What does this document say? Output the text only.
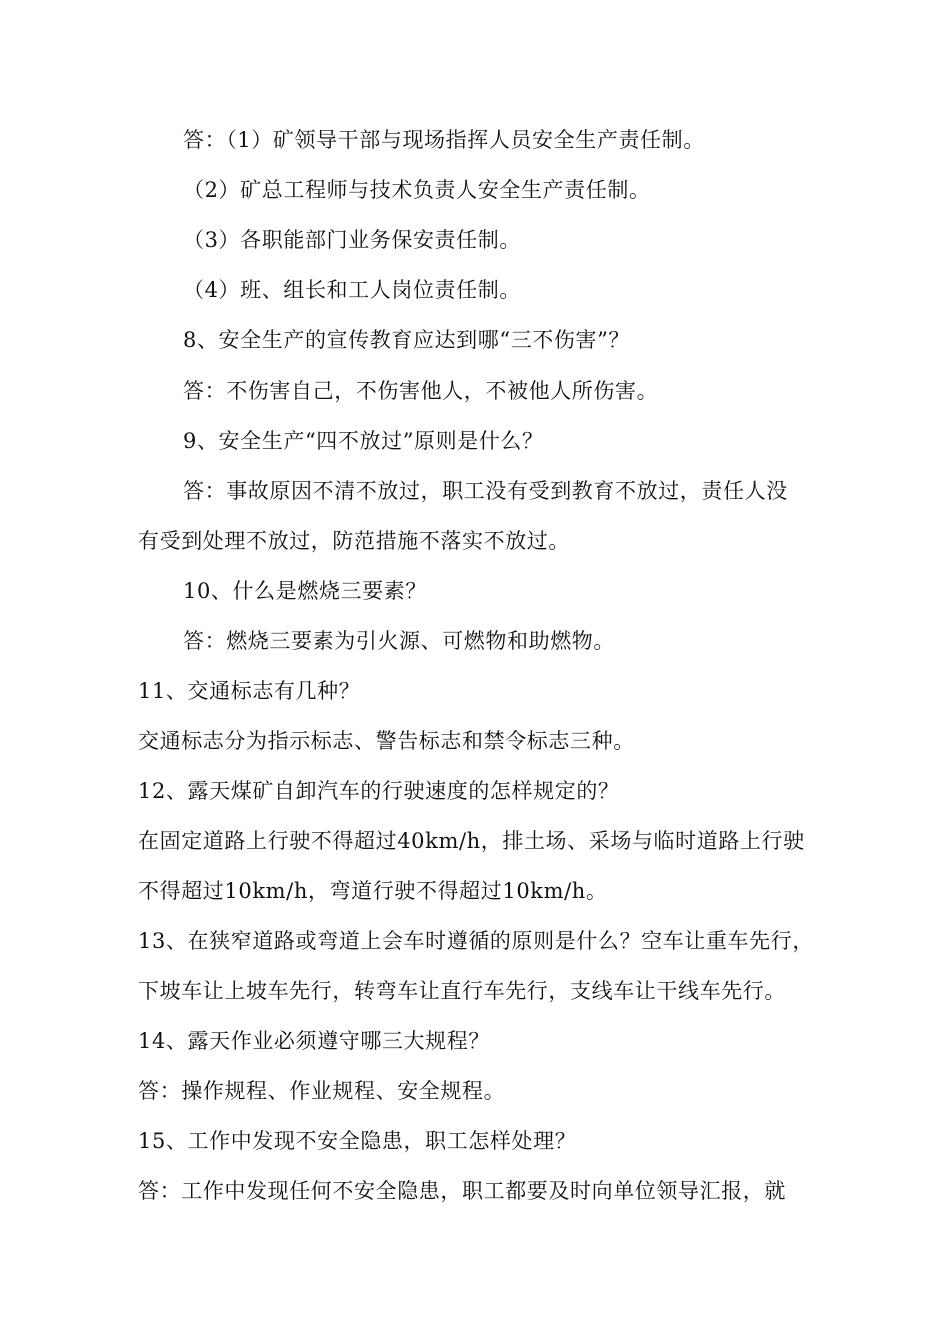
答：（1）矿领导干部与现场指挥人员安全生产责任制。
（2）矿总工程师与技术负责人安全生产责任制。
（3）各职能部门业务保安责任制。
（4）班、组长和工人岗位责任制。
8、安全生产的宣传教育应达到哪“三不伤害”？
答：不伤害自己，不伤害他人，不被他人所伤害。
9、安全生产“四不放过”原则是什么？
答：事故原因不清不放过，职工没有受到教育不放过，责任人没
有受到处理不放过，防范措施不落实不放过。
10、什么是燃烧三要素？
答：燃烧三要素为引火源、可燃物和助燃物。
11、交通标志有几种？
交通标志分为指示标志、警告标志和禁令标志三种。
12、露天煤矿自卸汽车的行驶速度的怎样规定的？
在固定道路上行驶不得超过40km/h，排土场、采场与临时道路上行驶
不得超过10km/h，弯道行驶不得超过10km/h。
13、在狭窄道路或弯道上会车时遵循的原则是什么？空车让重车先行，
下坡车让上坡车先行，转弯车让直行车先行，支线车让干线车先行。
14、露天作业必须遵守哪三大规程？
答：操作规程、作业规程、安全规程。
15、工作中发现不安全隐患，职工怎样处理？
答：工作中发现任何不安全隐患，职工都要及时向单位领导汇报，就
